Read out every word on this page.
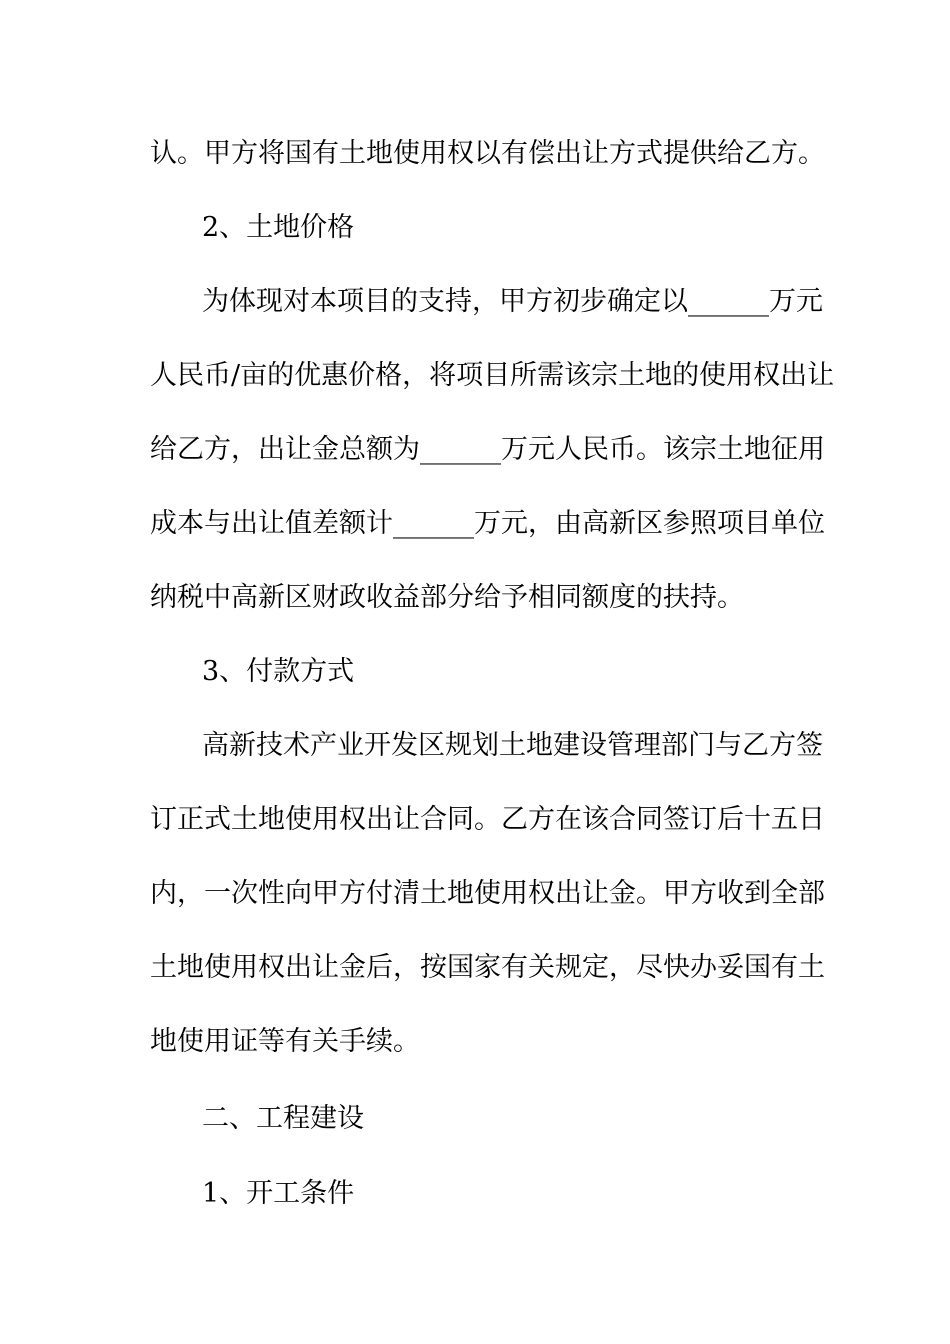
认。甲方将国有土地使用权以有偿出让方式提供给乙方。
2、土地价格
为体现对本项目的支持，甲方初步确定以______万元
人民币/亩的优惠价格，将项目所需该宗土地的使用权出让
给乙方，出让金总额为______万元人民币。该宗土地征用
成本与出让值差额计______万元，由高新区参照项目单位
纳税中高新区财政收益部分给予相同额度的扶持。
3、付款方式
高新技术产业开发区规划土地建设管理部门与乙方签
订正式土地使用权出让合同。乙方在该合同签订后十五日
内，一次性向甲方付清土地使用权出让金。甲方收到全部
土地使用权出让金后，按国家有关规定，尽快办妥国有土
地使用证等有关手续。
二、工程建设
1、开工条件
